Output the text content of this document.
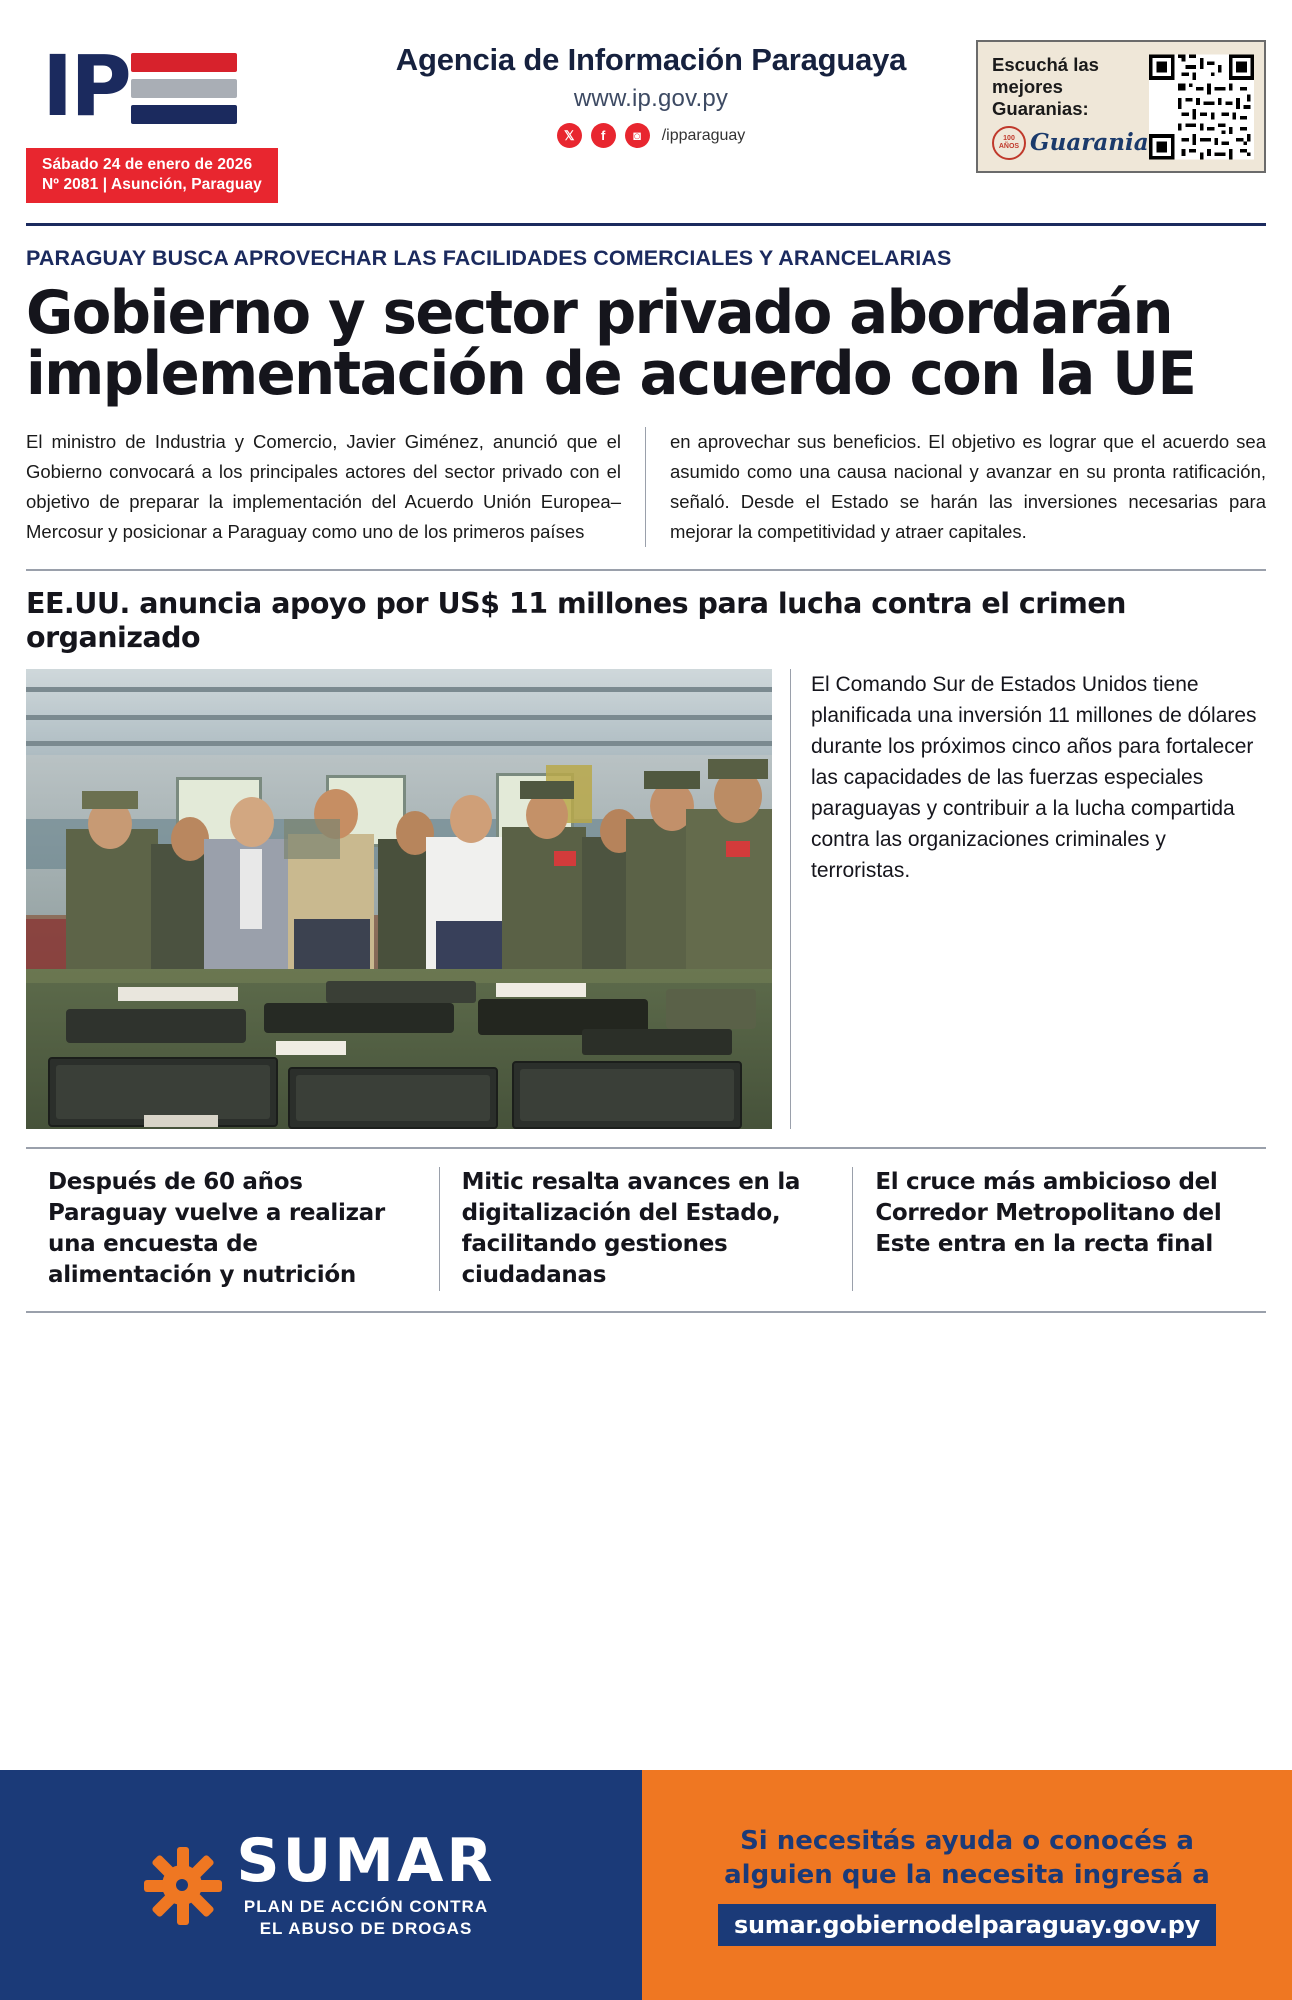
IP
Sábado 24 de enero de 2026
Nº 2081 | Asunción, Paraguay
Agencia de Información Paraguaya
www.ip.gov.py
𝕏	f	◙	/ipparaguay
Escuchá las mejores Guaranias:
100
AÑOS Guarania
PARAGUAY BUSCA APROVECHAR LAS FACILIDADES COMERCIALES Y ARANCELARIAS
Gobierno y sector privado abordarán implementación de acuerdo con la UE
El ministro de Industria y Comercio, Javier Giménez, anunció que el Gobierno convocará a los principales actores del sector privado con el objetivo de preparar la implementación del Acuerdo Unión Europea–Mercosur y posicionar a Paraguay como uno de los primeros países
en aprovechar sus beneficios. El objetivo es lograr que el acuerdo sea asumido como una causa nacional y avanzar en su pronta ratificación, señaló. Desde el Estado se harán las inversiones necesarias para mejorar la competitividad y atraer capitales.
EE.UU. anuncia apoyo por US$ 11 millones para lucha contra el crimen organizado
El Comando Sur de Estados Unidos tiene planificada una inversión 11 millones de dólares durante los próximos cinco años para fortalecer las capacidades de las fuerzas especiales paraguayas y contribuir a la lucha compartida contra las organizaciones criminales y terroristas.
Después de 60 años Paraguay vuelve a realizar una encuesta de alimentación y nutrición
Mitic resalta avances en la digitalización del Estado, facilitando gestiones ciudadanas
El cruce más ambicioso del Corredor Metropolitano del Este entra en la recta final
SUMAR
PLAN DE ACCIÓN CONTRA
EL ABUSO DE DROGAS
Si necesitás ayuda o conocés a
alguien que la necesita ingresá a
sumar.gobiernodelparaguay.gov.py
